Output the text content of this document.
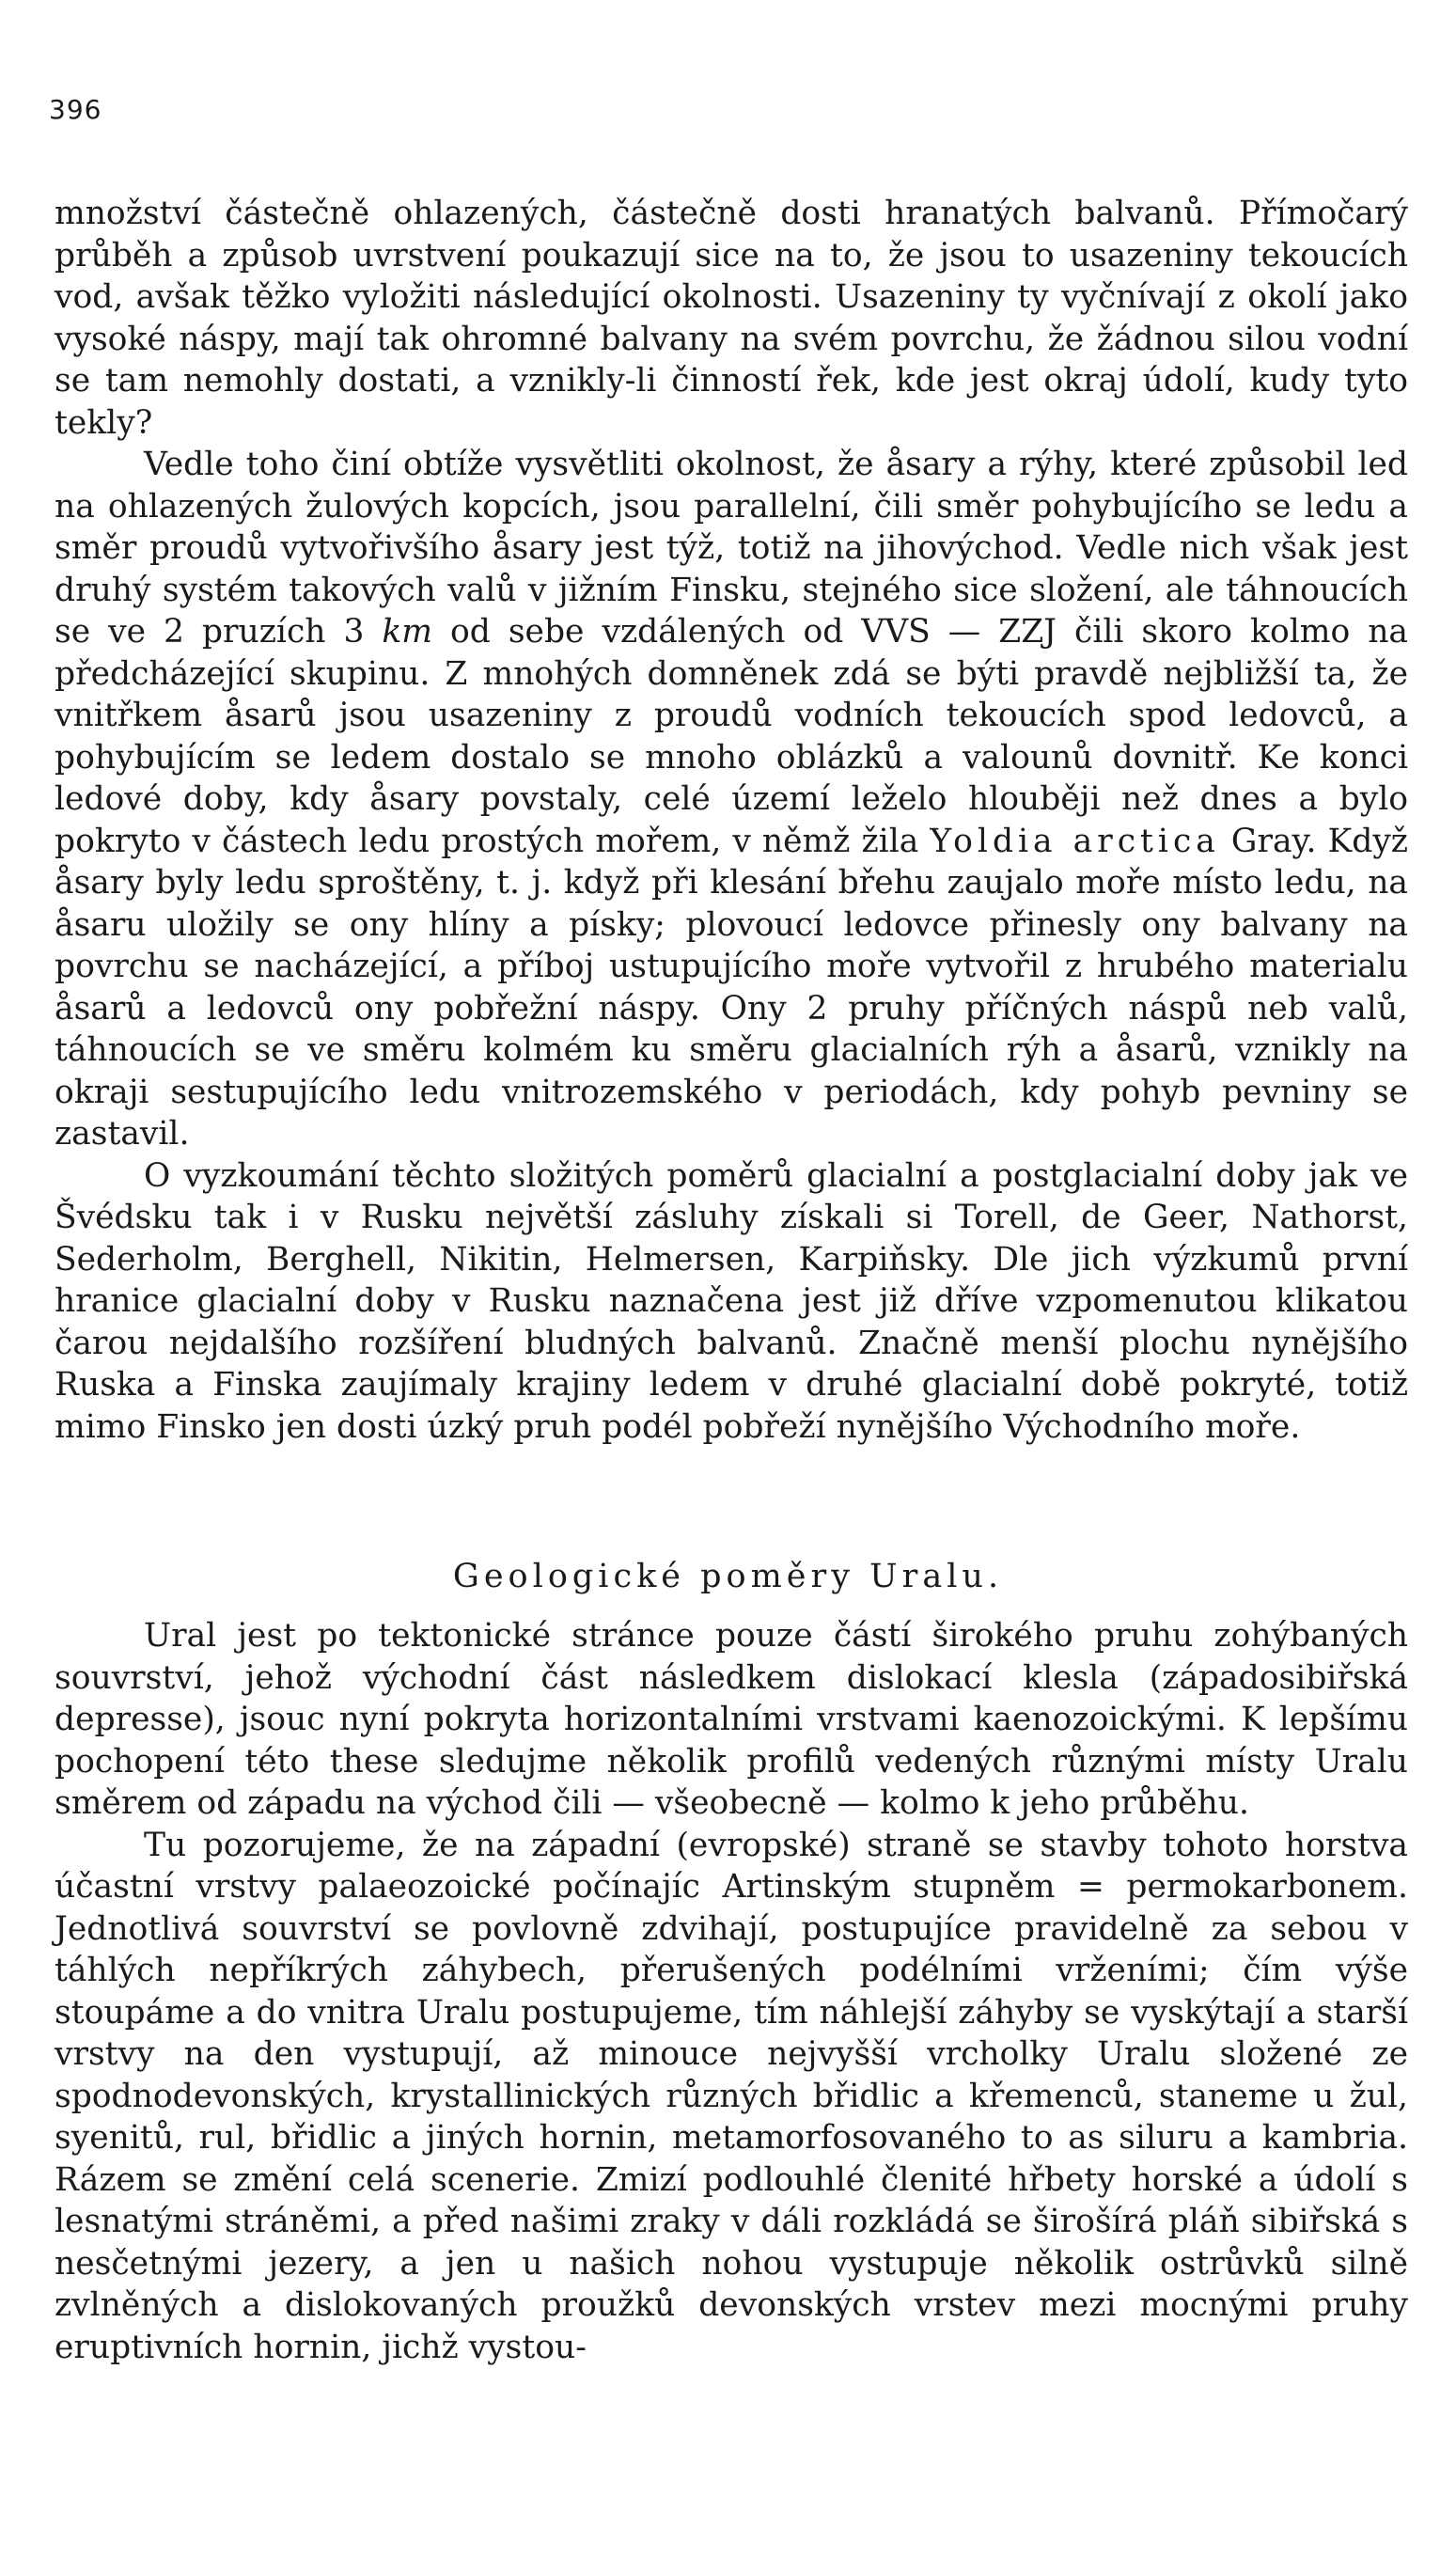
396

množství částečně ohlazených, částečně dosti hranatých balvanů. Přímočarý průběh a způsob uvrstvení poukazují sice na to, že jsou to usazeniny tekoucích vod, avšak těžko vyložiti následující okolnosti. Usazeniny ty vyčnívají z okolí jako vysoké náspy, mají tak ohromné balvany na svém povrchu, že žádnou silou vodní se tam nemohly dostati, a vznikly-li činností řek, kde jest okraj údolí, kudy tyto tekly?

Vedle toho činí obtíže vysvětliti okolnost, že åsary a rýhy, které způsobil led na ohlazených žulových kopcích, jsou parallelní, čili směr pohybujícího se ledu a směr proudů vytvořivšího åsary jest týž, totiž na jihovýchod. Vedle nich však jest druhý systém takových valů v jižním Finsku, stejného sice složení, ale táhnoucích se ve 2 pruzích 3 km od sebe vzdálených od VVS — ZZJ čili skoro kolmo na předcházející skupinu. Z mnohých domněnek zdá se býti pravdě nejbližší ta, že vnitřkem åsarů jsou usazeniny z proudů vodních tekoucích spod ledovců, a pohybujícím se ledem dostalo se mnoho oblázků a valounů dovnitř. Ke konci ledové doby, kdy åsary povstaly, celé území leželo hlouběji než dnes a bylo pokryto v částech ledu prostých mořem, v němž žila Yoldia arctica Gray. Když åsary byly ledu sproštěny, t. j. když při klesání břehu zaujalo moře místo ledu, na åsaru uložily se ony hlíny a písky; plovoucí ledovce přinesly ony balvany na povrchu se nacházející, a příboj ustupujícího moře vytvořil z hrubého materialu åsarů a ledovců ony pobřežní náspy. Ony 2 pruhy příčných náspů neb valů, táhnoucích se ve směru kolmém ku směru glacialních rýh a åsarů, vznikly na okraji sestupujícího ledu vnitrozemského v periodách, kdy pohyb pevniny se zastavil.

O vyzkoumání těchto složitých poměrů glacialní a postglacialní doby jak ve Švédsku tak i v Rusku největší zásluhy získali si Torell, de Geer, Nathorst, Sederholm, Berghell, Nikitin, Helmersen, Karpiňsky. Dle jich výzkumů první hranice glacialní doby v Rusku naznačena jest již dříve vzpomenutou klikatou čarou nejdalšího rozšíření bludných balvanů. Značně menší plochu nynějšího Ruska a Finska zaujímaly krajiny ledem v druhé glacialní době pokryté, totiž mimo Finsko jen dosti úzký pruh podél pobřeží nynějšího Východního moře.

Geologické poměry Uralu.

Ural jest po tektonické stránce pouze částí širokého pruhu zohýbaných souvrství, jehož východní část následkem dislokací klesla (západosibiřská depresse), jsouc nyní pokryta horizontalními vrstvami kaenozoickými. K lepšímu pochopení této these sledujme několik profilů vedených různými místy Uralu směrem od západu na východ čili — všeobecně — kolmo k jeho průběhu.

Tu pozorujeme, že na západní (evropské) straně se stavby tohoto horstva účastní vrstvy palaeozoické počínajíc Artinským stupněm = permokarbonem. Jednotlivá souvrství se povlovně zdvihají, postupujíce pravidelně za sebou v táhlých nepříkrých záhybech, přerušených podélními vrženími; čím výše stoupáme a do vnitra Uralu postupujeme, tím náhlejší záhyby se vyskýtají a starší vrstvy na den vystupují, až minouce nejvyšší vrcholky Uralu složené ze spodnodevonských, krystallinických různých břidlic a křemenců, staneme u žul, syenitů, rul, břidlic a jiných hornin, metamorfosovaného to as siluru a kambria. Rázem se změní celá scenerie. Zmizí podlouhlé členité hřbety horské a údolí s lesnatými stráněmi, a před našimi zraky v dáli rozkládá se širošírá pláň sibiřská s nesčetnými jezery, a jen u našich nohou vystupuje několik ostrůvků silně zvlněných a dislokovaných proužků devonských vrstev mezi mocnými pruhy eruptivních hornin, jichž vystou-
